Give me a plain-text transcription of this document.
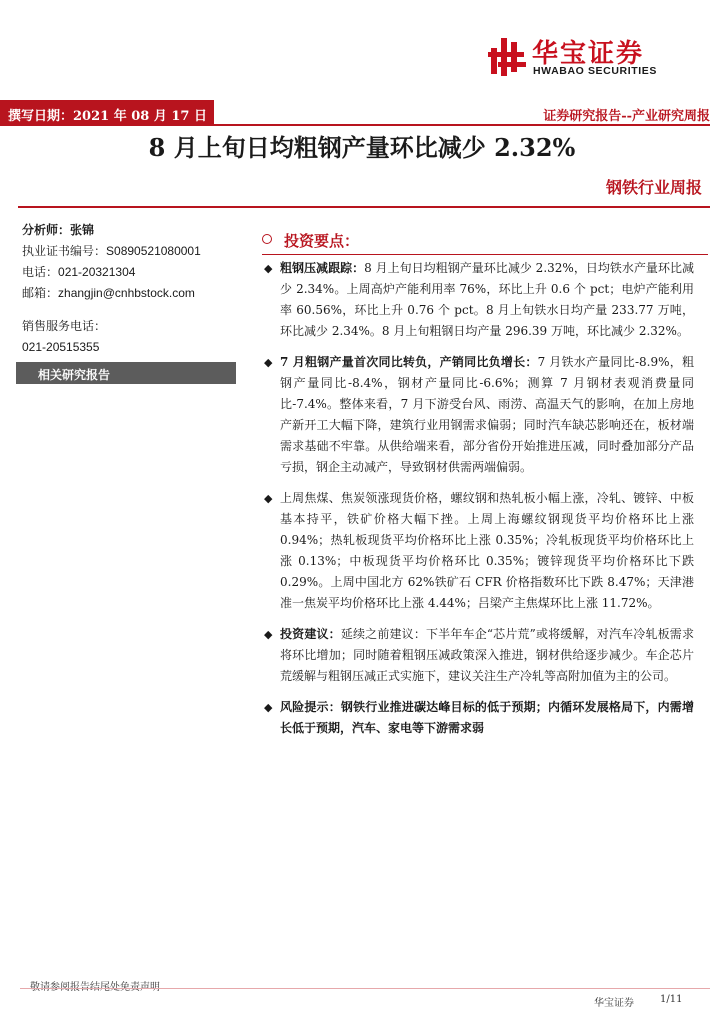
华宝证券
HWABAO SECURITIES
撰写日期：2021 年 08 月 17 日	证券研究报告--产业研究周报
8 月上旬日均粗钢产量环比减少 2.32%
钢铁行业周报
分析师：张锦
执业证书编号：S0890521080001
电话：021-20321304
邮箱：zhangjin@cnhbstock.com
销售服务电话：
021-20515355
相关研究报告
投资要点：
◆ 粗钢压减跟踪：8 月上旬日均粗钢产量环比减少 2.32%，日均铁水产量环比减少 2.34%。上周高炉产能利用率 76%，环比上升 0.6 个 pct；电炉产能利用率 60.56%，环比上升 0.76 个 pct。8 月上旬铁水日均产量 233.77 万吨，环比减少 2.34%。8 月上旬粗钢日均产量 296.39 万吨，环比减少 2.32%。
◆ 7 月粗钢产量首次同比转负，产销同比负增长：7 月铁水产量同比-8.9%，粗钢产量同比-8.4%，钢材产量同比-6.6%；测算 7 月钢材表观消费量同比-7.4%。整体来看，7 月下游受台风、雨涝、高温天气的影响，在加上房地产新开工大幅下降，建筑行业用钢需求偏弱；同时汽车缺芯影响还在，板材端需求基础不牢靠。从供给端来看，部分省份开始推进压减，同时叠加部分产品亏损，钢企主动减产，导致钢材供需两端偏弱。
◆ 上周焦煤、焦炭领涨现货价格，螺纹钢和热轧板小幅上涨，冷轧、镀锌、中板基本持平，铁矿价格大幅下挫。上周上海螺纹钢现货平均价格环比上涨 0.94%；热轧板现货平均价格环比上涨 0.35%；冷轧板现货平均价格环比上涨 0.13%；中板现货平均价格环比 0.35%；镀锌现货平均价格环比下跌 0.29%。上周中国北方 62%铁矿石 CFR 价格指数环比下跌 8.47%；天津港准一焦炭平均价格环比上涨 4.44%；吕梁产主焦煤环比上涨 11.72%。
◆ 投资建议：延续之前建议：下半年车企“芯片荒”或将缓解，对汽车冷轧板需求将环比增加；同时随着粗钢压减政策深入推进，钢材供给逐步减少。车企芯片荒缓解与粗钢压减正式实施下，建议关注生产冷轧等高附加值为主的公司。
◆ 风险提示：钢铁行业推进碳达峰目标的低于预期；内循环发展格局下，内需增长低于预期，汽车、家电等下游需求弱
华宝证券	1/11
